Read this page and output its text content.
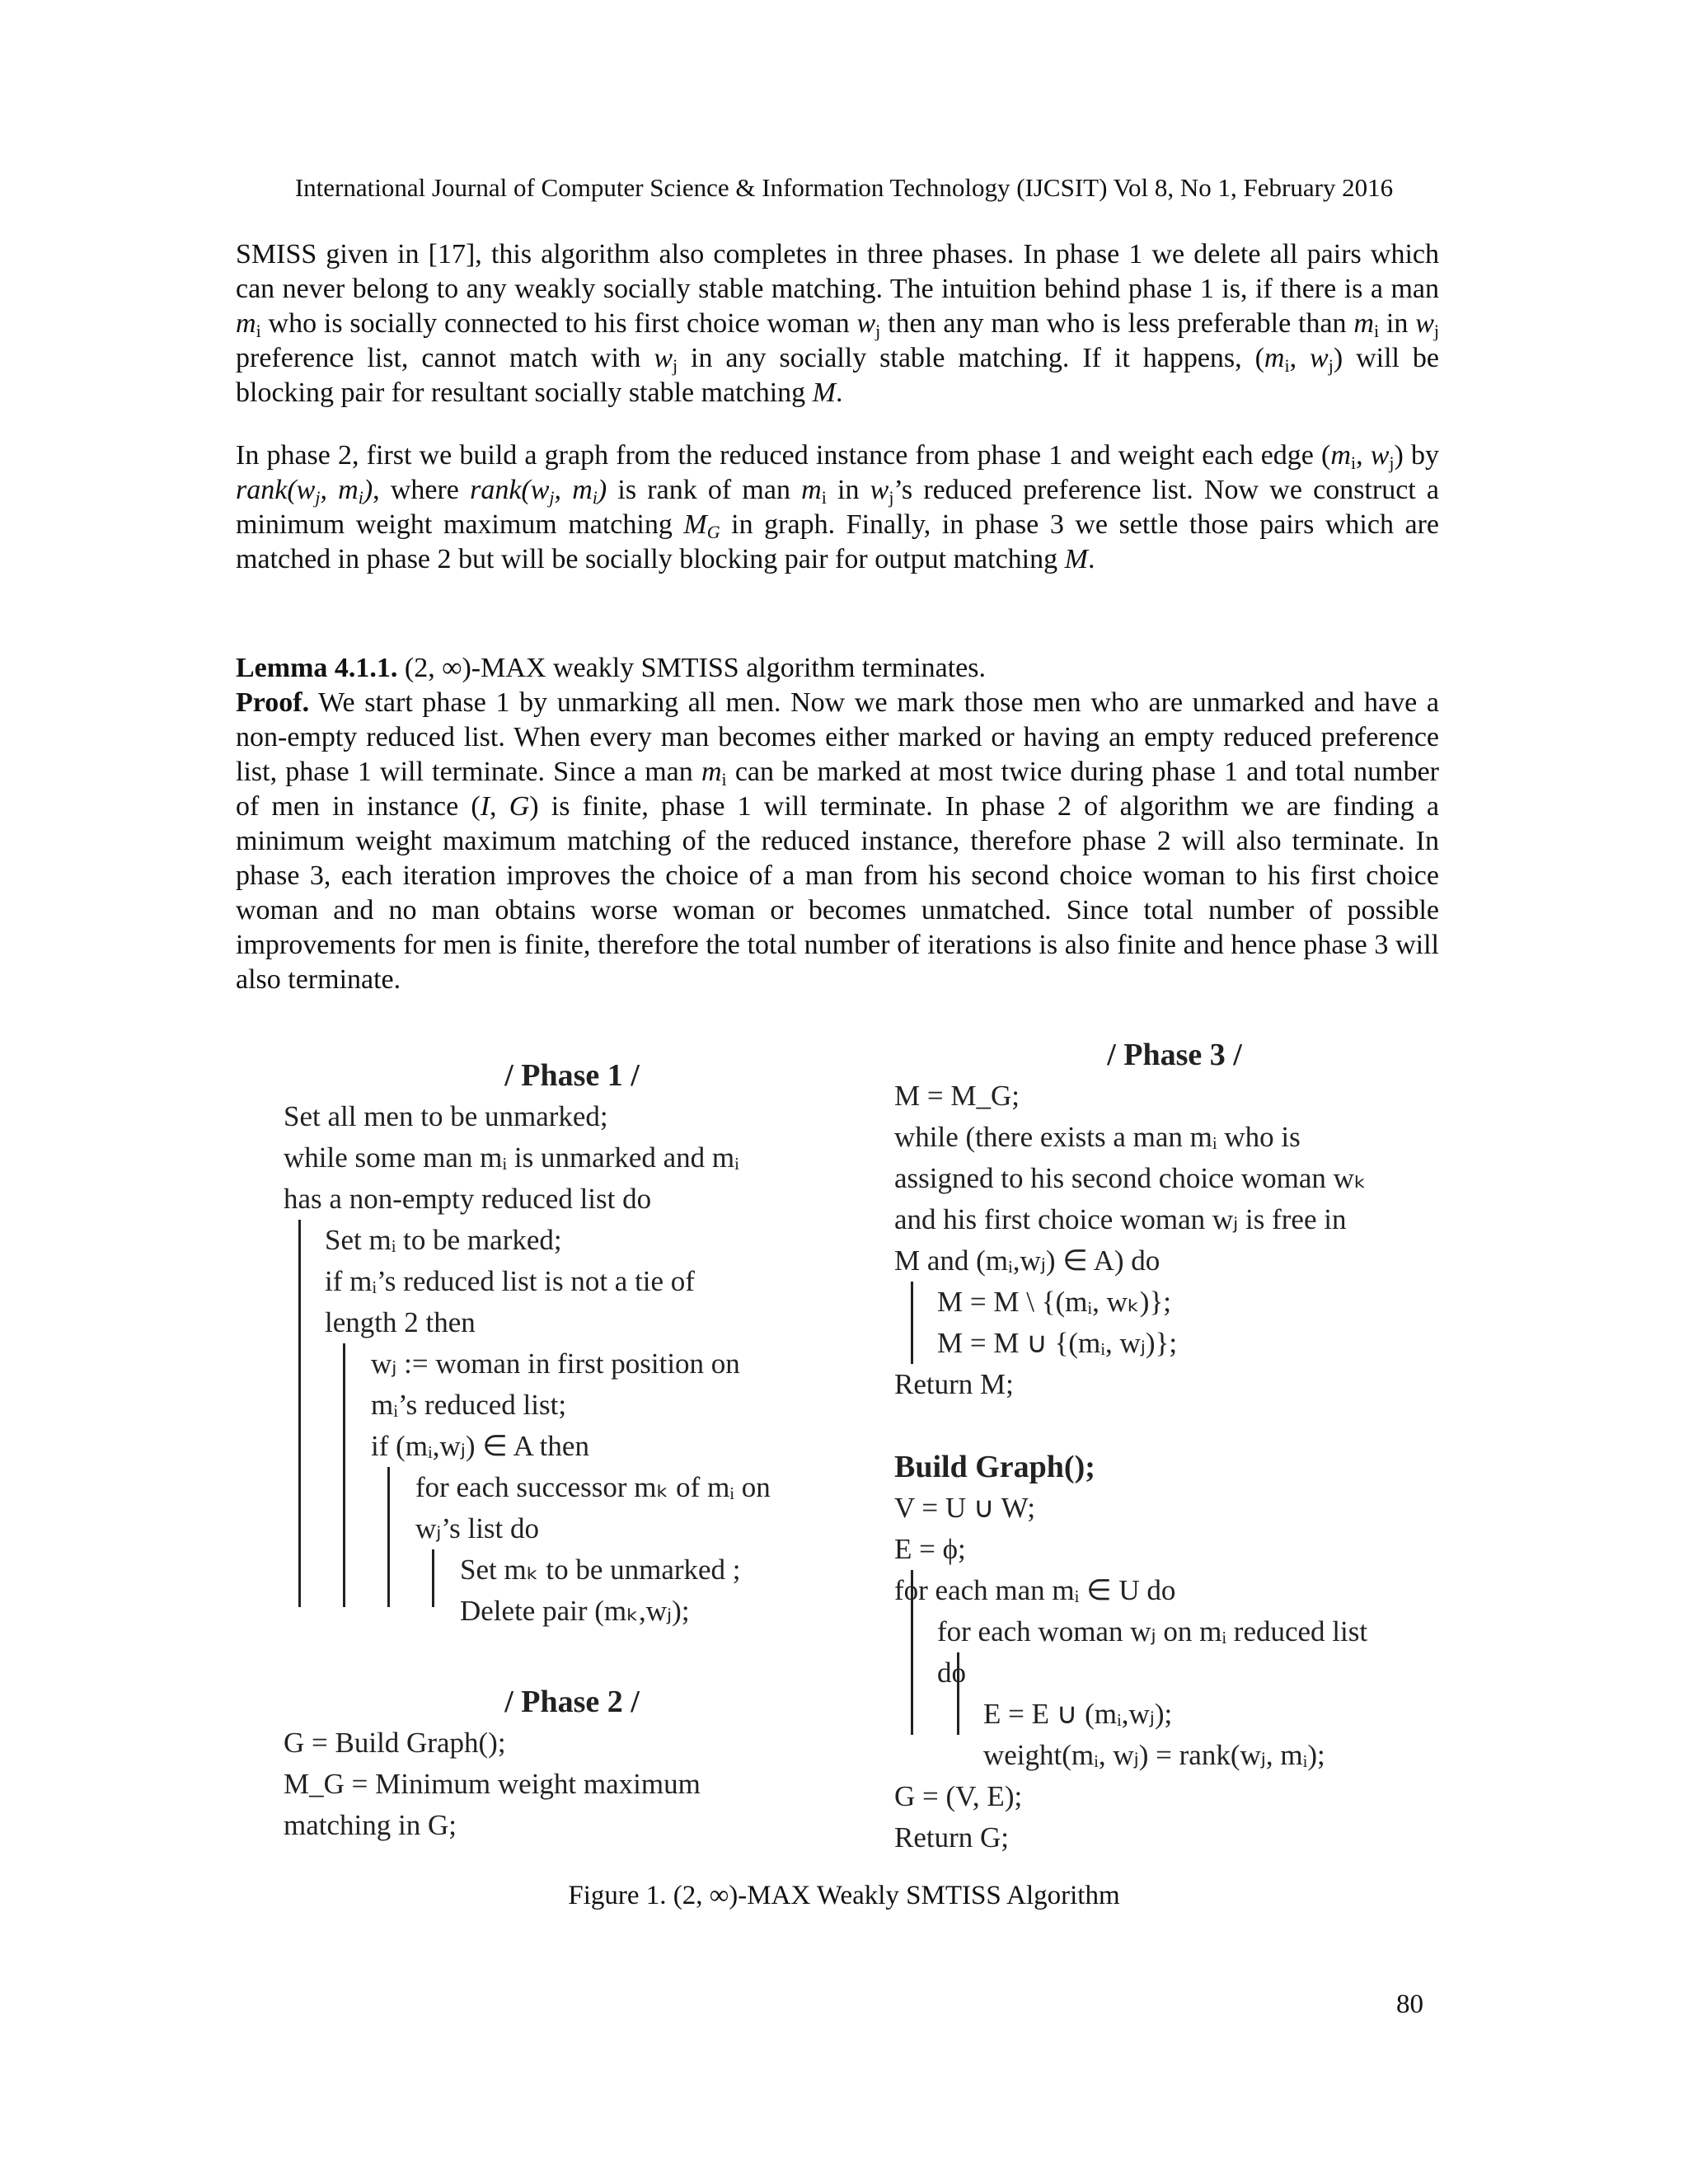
International Journal of Computer Science & Information Technology (IJCSIT) Vol 8, No 1, February 2016

SMISS given in [17], this algorithm also completes in three phases. In phase 1 we delete all pairs which can never belong to any weakly socially stable matching. The intuition behind phase 1 is, if there is a man $m_i$ who is socially connected to his first choice woman $w_j$ then any man who is less preferable than $m_i$ in $w_j$ preference list, cannot match with $w_j$ in any socially stable matching. If it happens, ($m_i$, $w_j$) will be blocking pair for resultant socially stable matching M.

In phase 2, first we build a graph from the reduced instance from phase 1 and weight each edge ($m_i$, $w_j$) by $rank(w_j$, $m_i$), where $rank(w_j$, $m_i$) is rank of man $m_i$ in $w_j’s$ reduced preference list. Now we construct a minimum weight maximum matching $M_G$ in graph. Finally, in phase 3 we settle those pairs which are matched in phase 2 but will be socially blocking pair for output matching M.

Lemma 4.1.1. (2, ∞)-MAX weakly SMTISS algorithm terminates.

Proof. We start phase 1 by unmarking all men. Now we mark those men who are unmarked and have a non-empty reduced list. When every man becomes either marked or having an empty reduced preference list, phase 1 will terminate. Since a man $m_i$ can be marked at most twice during phase 1 and total number of men in instance (I, G) is finite, phase 1 will terminate. In phase 2 of algorithm we are finding a minimum weight maximum matching of the reduced instance, therefore phase 2 will also terminate. In phase 3, each iteration improves the choice of a man from his second choice woman to his first choice woman and no man obtains worse woman or becomes unmatched. Since total number of possible improvements for men is finite, therefore the total number of iterations is also finite and hence phase 3 will also terminate.

/ Phase 1 /
Set all men to be unmarked;
while some man mᵢ is unmarked and mᵢ
has a non-empty reduced list do
Set mᵢ to be marked;
if mᵢ’s reduced list is not a tie of
length 2 then
wⱼ := woman in first position on
mᵢ’s reduced list;
if (mᵢ,wⱼ) ∈ A then
for each successor mₖ of mᵢ on
wⱼ’s list do
Set mₖ to be unmarked ;
Delete pair (mₖ,wⱼ);
/ Phase 2 /
G = Build Graph();
M_G = Minimum weight maximum
matching in G;
/ Phase 3 /
M = M_G;
while (there exists a man mᵢ who is
assigned to his second choice woman wₖ
and his first choice woman wⱼ is free in
M and (mᵢ,wⱼ) ∈ A) do
M = M \ {(mᵢ, wₖ)};
M = M ∪ {(mᵢ, wⱼ)};
Return M;
Build Graph();
V = U ∪ W;
E = ϕ;
for each man mᵢ ∈ U do
for each woman wⱼ on mᵢ reduced list
do
E = E ∪ (mᵢ,wⱼ);
weight(mᵢ, wⱼ) = rank(wⱼ, mᵢ);
G = (V, E);
Return G;
Figure 1. (2, ∞)-MAX Weakly SMTISS Algorithm
80
